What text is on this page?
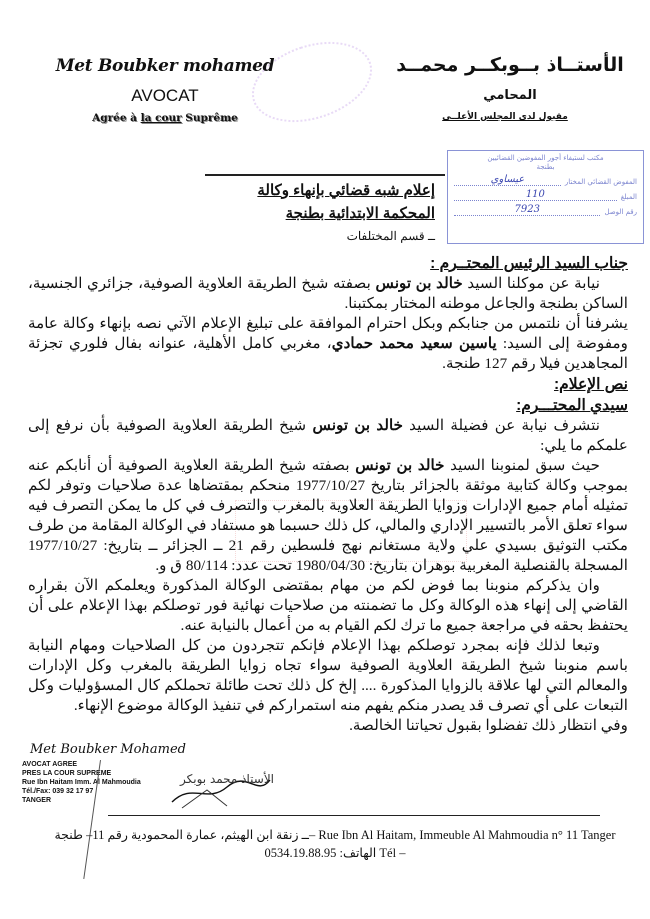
Met Boubker mohamed
AVOCAT
Agrée à la cour Suprême
الأستــاذ بــوبكــر محمــد
المحامي
مقبول لدى المجلس الأعلــى
مكتب لستيفاء أجور المفوضين القضائيين
بطنجة
المفوض القضائي المختار
عيساوي
المبلغ
110
رقم الوصل
7923
إعلام شبه قضائي بإنهاء وكالة
المحكمة الابتدائية بطنجة
ــ قسم المختلفات
جناب السيد الرئيس المحتــرم :

نيابة عن موكلنا السيد خالد بن تونس بصفته شيخ الطريقة العلاوية الصوفية، جزائري الجنسية، الساكن بطنجة والجاعل موطنه المختار بمكتبنا.

يشرفنا أن نلتمس من جنابكم وبكل احترام الموافقة على تبليغ الإعلام الآتي نصه بإنهاء وكالة عامة ومفوضة إلى السيد: ياسين سعيد محمد حمادي، مغربي كامل الأهلية، عنوانه بفال فلوري تجزئة المجاهدين فيلا رقم 127 طنجة.

نص الإعلام:
سيدي المحتـــرم:

نتشرف نيابة عن فضيلة السيد خالد بن تونس شيخ الطريقة العلاوية الصوفية بأن نرفع إلى علمكم ما يلي:

حيث سبق لمنوبنا السيد خالد بن تونس بصفته شيخ الطريقة العلاوية الصوفية أن أنابكم عنه بموجب وكالة كتابية موثقة بالجزائر بتاريخ 1977/10/27 منحكم بمقتضاها عدة صلاحيات وتوفر لكم تمثيله أمام جميع الإدارات وزوايا الطريقة العلاوية بالمغرب والتصرف في كل ما يمكن التصرف فيه سواء تعلق الأمر بالتسيير الإداري والمالي، كل ذلك حسبما هو مستفاد في الوكالة المقامة من طرف مكتب التوثيق بسيدي علي ولاية مستغانم نهج فلسطين رقم 21 ــ الجزائر ــ بتاريخ: 1977/10/27 المسجلة بالقنصلية المغربية بوهران بتاريخ: 1980/04/30 تحت عدد: 80/114 ق و.

وان يذكركم منوبنا بما فوض لكم من مهام بمقتضى الوكالة المذكورة ويعلمكم الآن بقراره القاضي إلى إنهاء هذه الوكالة وكل ما تضمنته من صلاحيات نهائية فور توصلكم بهذا الإعلام على أن يحتفظ بحقه في مراجعة جميع ما ترك لكم القيام به من أعمال بالنيابة عنه.

وتبعا لذلك فإنه بمجرد توصلكم بهذا الإعلام فإنكم تتجردون من كل الصلاحيات ومهام النيابة باسم منوبنا شيخ الطريقة العلاوية الصوفية سواء تجاه زوايا الطريقة بالمغرب وكل الإدارات والمعالم التي لها علاقة بالزوايا المذكورة .... إلخ كل ذلك تحت طائلة تحملكم كال المسؤوليات وكل التبعات على أي تصرف قد يصدر منكم يفهم منه استمراركم في تنفيذ الوكالة موضوع الإنهاء.

وفي انتظار ذلك تفضلوا بقبول تحياتنا الخالصة.

Met Boubker Mohamed
AVOCAT AGREE
PRES LA COUR SUPREME
Rue Ibn Haitam Imm. Al Mahmoudia
Tél./Fax: 039 32 17 97
TANGER
الأستاذ محمد بوبكر
ــ زنقة ابن الهيثم، عمارة المحمودية رقم 11– طنجة– Rue Ibn Al Haitam, Immeuble Al Mahmoudia n° 11 Tanger
الهاتف: 0534.19.88.95 Tél –
